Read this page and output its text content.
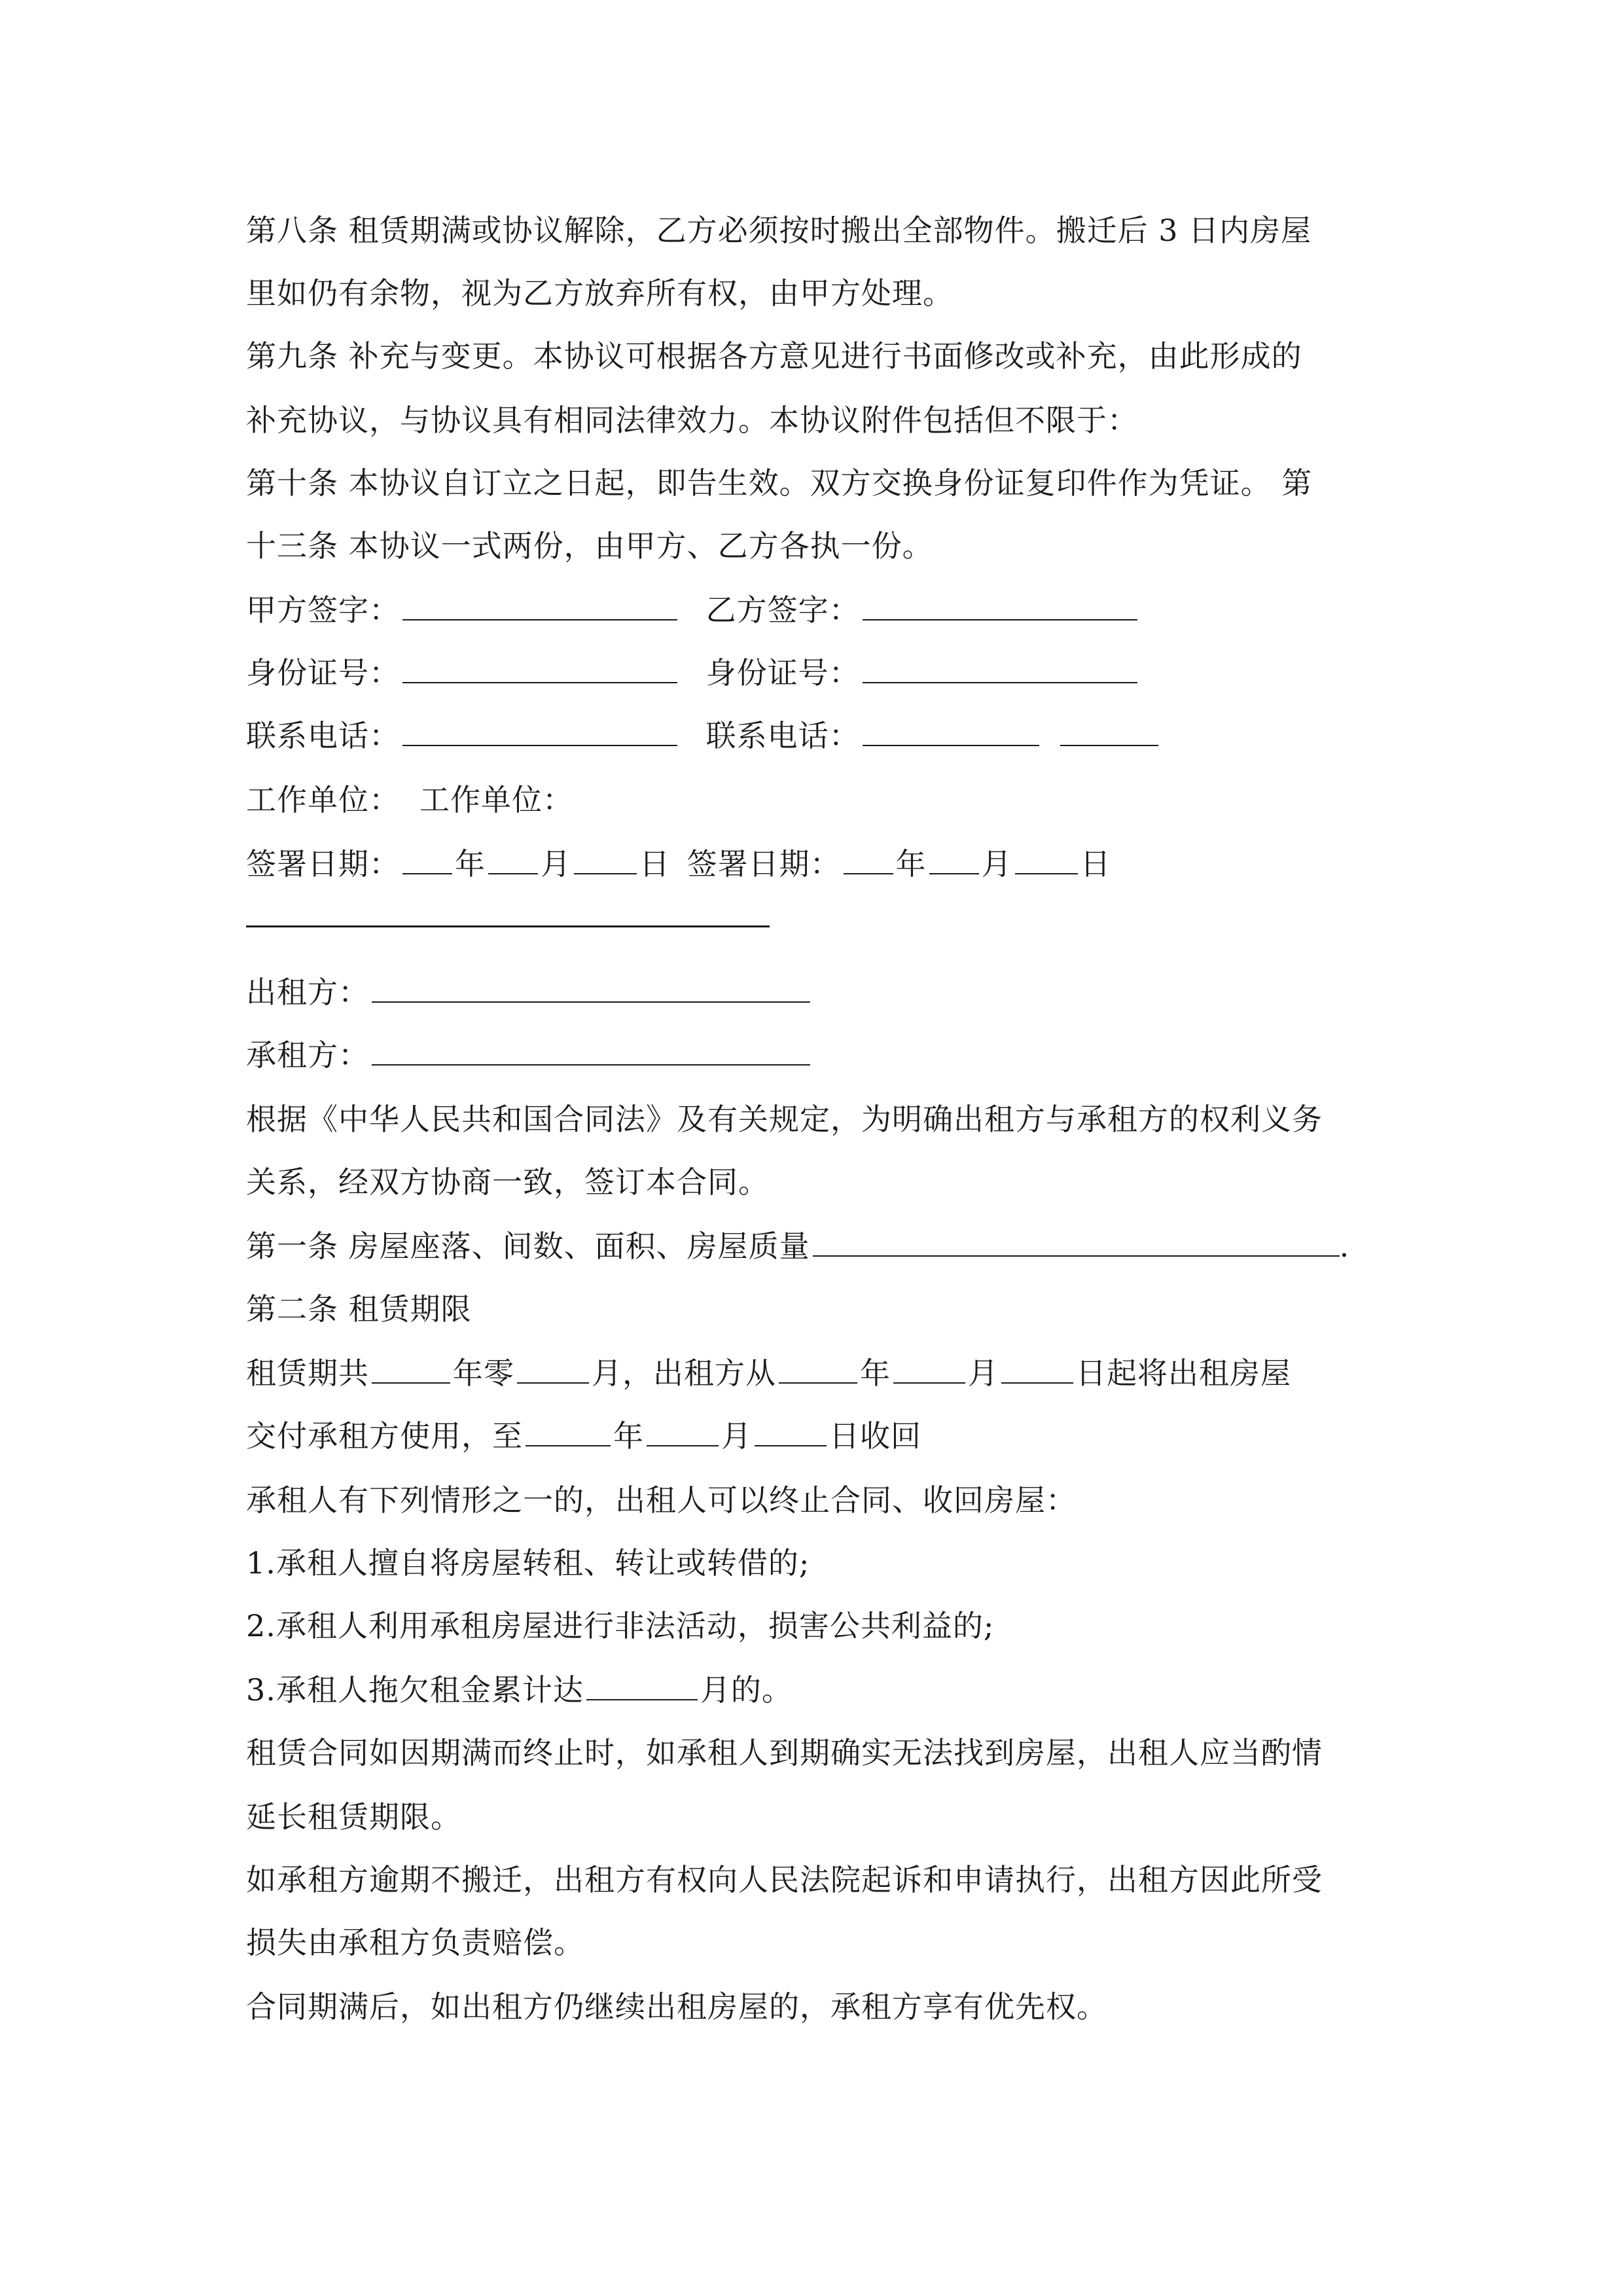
第八条 租赁期满或协议解除，乙方必须按时搬出全部物件。搬迁后 3 日内房屋
里如仍有余物，视为乙方放弃所有权，由甲方处理。
第九条 补充与变更。本协议可根据各方意见进行书面修改或补充，由此形成的
补充协议，与协议具有相同法律效力。本协议附件包括但不限于：
第十条 本协议自订立之日起，即告生效。双方交换身份证复印件作为凭证。 第
十三条 本协议一式两份，由甲方、乙方各执一份。
甲方签字：	乙方签字：
身份证号：	身份证号：
联系电话：	联系电话：
工作单位： 工作单位：
签署日期： 年 月 日 签署日期： 年 月 日
出租方：
承租方：
根据《中华人民共和国合同法》及有关规定，为明确出租方与承租方的权利义务
关系，经双方协商一致，签订本合同。
第一条 房屋座落、间数、面积、房屋质量	.
第二条 租赁期限
租赁期共	年零	月，出租方从	年	月	日起将出租房屋
交付承租方使用，至	年	月	日收回
承租人有下列情形之一的，出租人可以终止合同、收回房屋：
1.承租人擅自将房屋转租、转让或转借的;
2.承租人利用承租房屋进行非法活动，损害公共利益的;
3.承租人拖欠租金累计达	月的。
租赁合同如因期满而终止时，如承租人到期确实无法找到房屋，出租人应当酌情
延长租赁期限。
如承租方逾期不搬迁，出租方有权向人民法院起诉和申请执行，出租方因此所受
损失由承租方负责赔偿。
合同期满后，如出租方仍继续出租房屋的，承租方享有优先权。
